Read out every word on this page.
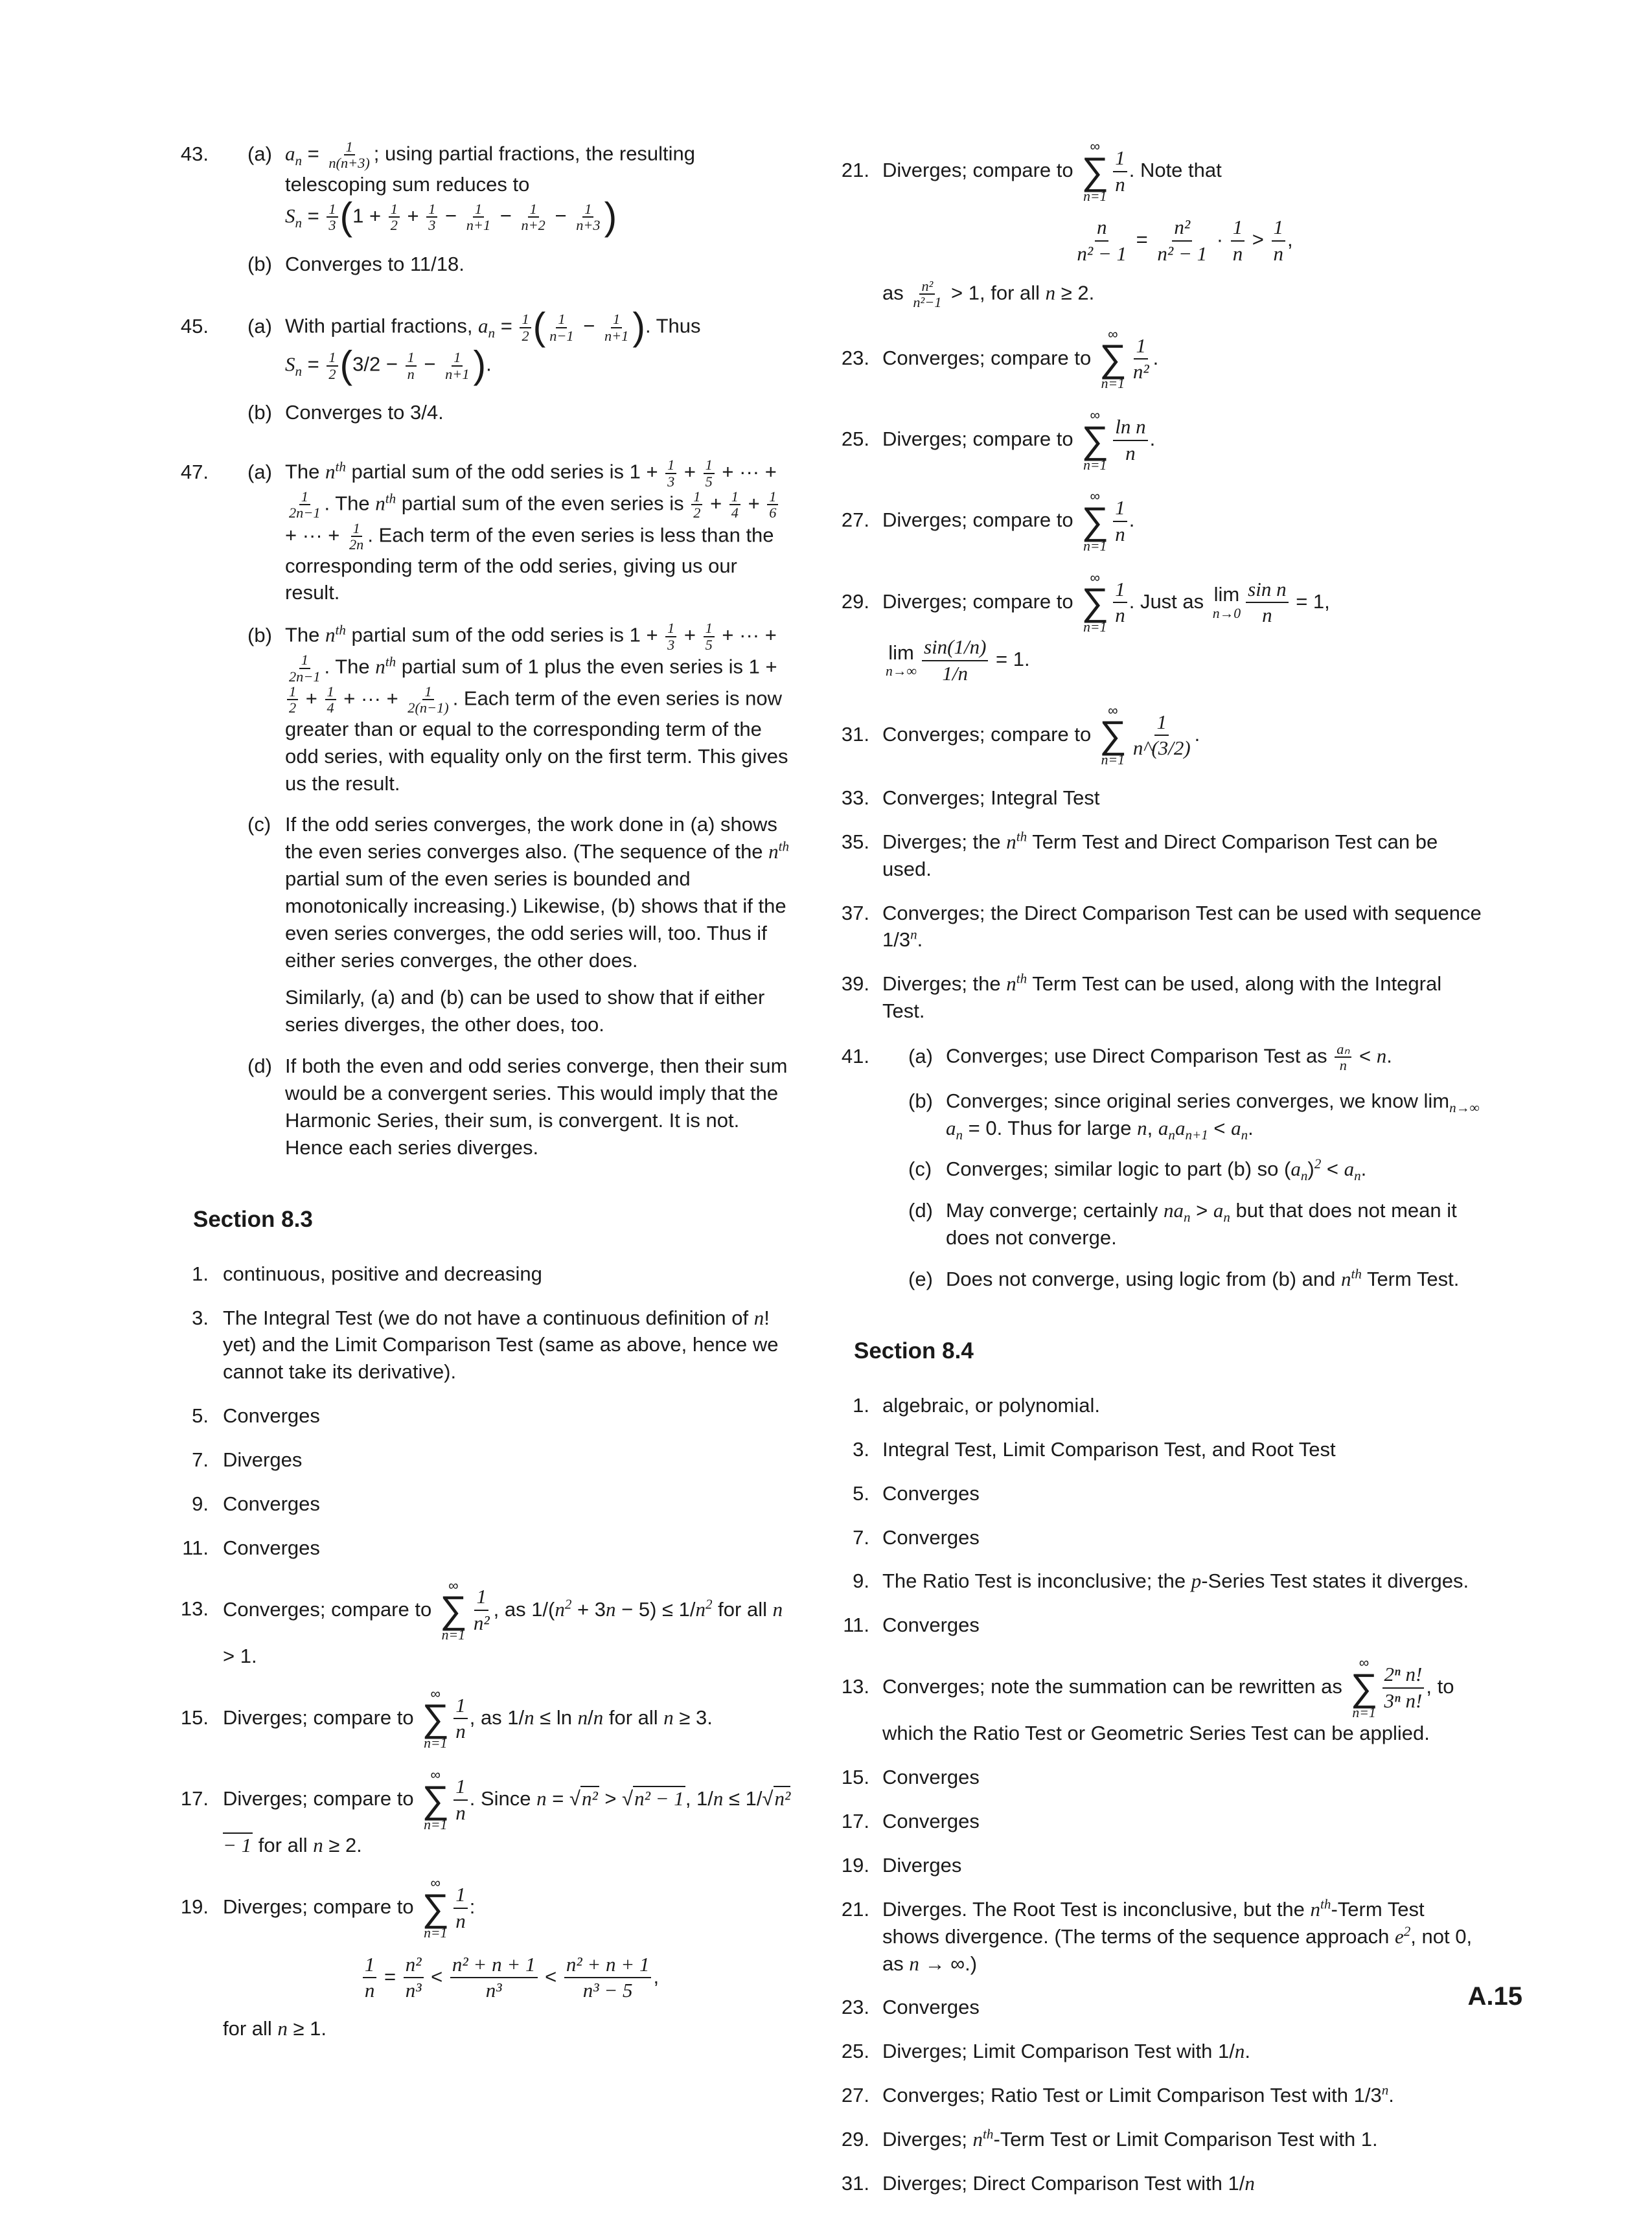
43. (a) $a_n = \frac{1}{n(n+3)}$ ; using partial fractions, the resulting telescoping sum reduces to
$S_n = \frac{1}{3} (1 + \frac{1}{2} + \frac{1}{3} - \frac{1}{n+1} - \frac{1}{n+2} - \frac{1}{n+3}$ )
(b) Converges to 11/18.
45. (a) With partial fractions, $a_n = \frac{1}{2}$ ( $\frac{1}{n-1} - \frac{1}{n+1}$ ). Thus
$S_n = \frac{1}{2} (3/2 - \frac{1}{n} - \frac{1}{n+1}$ ).
(b) Converges to 3/4.
47. (a) The $n^{th}$ partial sum of the odd series is $1 + \frac{1}{3} + \frac{1}{5}$ + ··· +
$\frac{1}{2n-1}$ . The $n^{th}$ partial sum of the even series is $\frac{1}{2} + \frac{1}{4} + \frac{1}{6}$
+ ··· + $\frac{1}{2n}$ . Each term of the even series is less than the corresponding term of the odd series, giving us our result.
(b) The $n^{th}$ partial sum of the odd series is $1 + \frac{1}{3} + \frac{1}{5}$ + ··· +
$\frac{1}{2n-1}$ . The $n^{th}$ partial sum of 1 plus the even series is 1 +
$\frac{1}{2} + \frac{1}{4}$ + ··· + $\frac{1}{2(n-1)}$ . Each term of the even series is now greater than or equal to the corresponding term of the odd series, with equality only on the first term. This gives us the result.
(c) If the odd series converges, the work done in (a) shows the even series converges also. (The sequence of the $n^{th}$ partial sum of the even series is bounded and monotonically increasing.) Likewise, (b) shows that if the even series converges, the odd series will, too. Thus if either series converges, the other does.
Similarly, (a) and (b) can be used to show that if either series diverges, the other does, too.
(d) If both the even and odd series converge, then their sum would be a convergent series. This would imply that the Harmonic Series, their sum, is convergent. It is not. Hence each series diverges.
Section 8.3
1. continuous, positive and decreasing
3. The Integral Test (we do not have a continuous definition of n! yet) and the Limit Comparison Test (same as above, hence we cannot take its derivative).
5. Converges
7. Diverges
9. Converges
11. Converges
13. Converges; compare to
∞
∑
$n=1 \frac{1}{\text{n²}}$ , as $1/(n^2 + 3n - 5) \le 1/n^2$ for all n > 1.
15. Diverges; compare to
∞
∑
$n=1 \frac{1}{n}$ , as 1/n ≤ ln n/n for all n ≥ 3.
17. Diverges; compare to
∞
∑
$n=1 \frac{1}{n}$ . Since n = √n² > √n² − 1, 1/n ≤ 1/√n² − 1 for all n ≥ 2.
19. Diverges; compare to
∞
∑
$n=1 \frac{1}{n}$ :
$\frac{1}{n} = \frac{\text{n²}}{\text{n³}} < \frac{\text{n² + n + 1}}{\text{n³}} < \frac{\text{n² + n + 1}}{\text{n³ − 5}}$ ,
for all n ≥ 1.
21. Diverges; compare to
∞
∑
$n=1 \frac{1}{n}$ . Note that
$\frac{n}{\text{n² − 1}} = \frac{\text{n²}}{\text{n² − 1}} \cdot \frac{1}{n} > \frac{1}{n}$ ,
as $\frac{\text{n²}}{\text{n²−1}} > 1$, for all n ≥ 2.
23. Converges; compare to
∞
∑
$n=1 \frac{1}{\text{n²}}$ .
25. Diverges; compare to
∞
∑
$n=1 \frac{\text{ln n}}{n}$ .
27. Diverges; compare to
∞
∑
$n=1 \frac{1}{n}$ .
29. Diverges; compare to
∞
∑
$n=1 \frac{1}{n}$ . Just as lim
$n\to 0 \frac{\text{sin n}}{n} = 1$,

lim
$n\to\infty \frac{\sin(1/n)}{1/n} = 1$.
31. Converges; compare to
∞
∑
$n=1 \frac{1}{n\^{}(3/2)}$ .
33. Converges; Integral Test
35. Diverges; the $n^{th}$ Term Test and Direct Comparison Test can be used.
37. Converges; the Direct Comparison Test can be used with sequence 1/3$^n$.
39. Diverges; the $n^{th}$ Term Test can be used, along with the Integral Test.
41. (a) Converges; use Direct Comparison Test as $\frac{\text{aₙ}}{n} < n$.
(b) Converges; since original series converges, we know $\lim_{n\to\infty} a_n = 0$. Thus for large n, $a_na_{n+1} < a_n$.
(c) Converges; similar logic to part (b) so $(a_n)^2 < a_n$.
(d) May converge; certainly $na_n > a_n$ but that does not mean it does not converge.
(e) Does not converge, using logic from (b) and $n^{th}$ Term Test.
Section 8.4
1. algebraic, or polynomial.
3. Integral Test, Limit Comparison Test, and Root Test
5. Converges
7. Converges
9. The Ratio Test is inconclusive; the p-Series Test states it diverges.
11. Converges
13. Converges; note the summation can be rewritten as
∞
∑
$n=1 \frac{\text{2ⁿ n!}}{\text{3ⁿ n!}}$ , to which the Ratio Test or Geometric Series Test can be applied.
15. Converges
17. Converges
19. Diverges
21. Diverges. The Root Test is inconclusive, but the $n^{th}$-Term Test shows divergence. (The terms of the sequence approach $e^2$, not 0, as n → ∞.)
23. Converges
25. Diverges; Limit Comparison Test with 1/n.
27. Converges; Ratio Test or Limit Comparison Test with 1/3$^n$.
29. Diverges; $n^{th}$-Term Test or Limit Comparison Test with 1.
31. Diverges; Direct Comparison Test with 1/n
A.15
